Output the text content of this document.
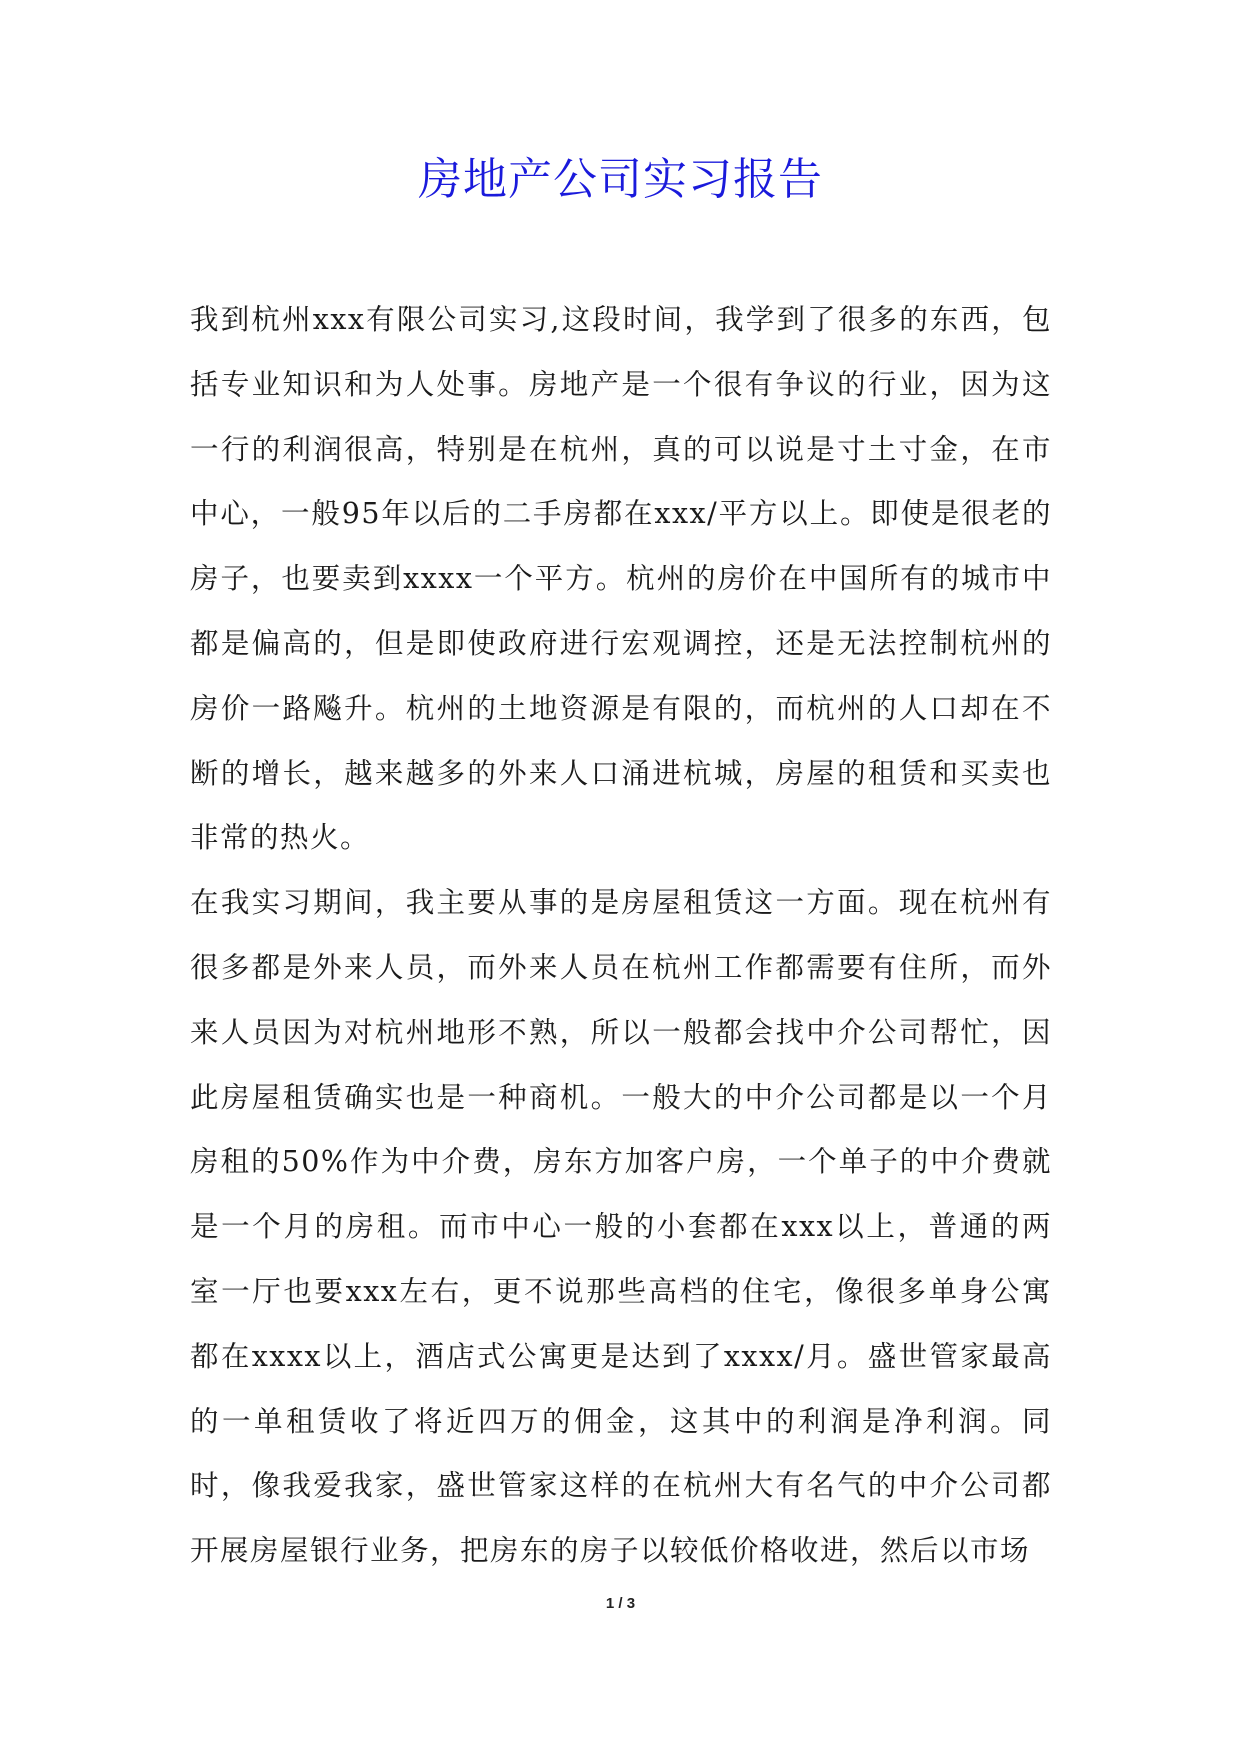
房地产公司实习报告

我到杭州xxx有限公司实习,这段时间，我学到了很多的东西，包括专业知识和为人处事。房地产是一个很有争议的行业，因为这一行的利润很高，特别是在杭州，真的可以说是寸土寸金，在市中心，一般95年以后的二手房都在xxx/平方以上。即使是很老的房子，也要卖到xxxx一个平方。杭州的房价在中国所有的城市中都是偏高的，但是即使政府进行宏观调控，还是无法控制杭州的房价一路飚升。杭州的土地资源是有限的，而杭州的人口却在不断的增长，越来越多的外来人口涌进杭城，房屋的租赁和买卖也非常的热火。

在我实习期间，我主要从事的是房屋租赁这一方面。现在杭州有很多都是外来人员，而外来人员在杭州工作都需要有住所，而外来人员因为对杭州地形不熟，所以一般都会找中介公司帮忙，因此房屋租赁确实也是一种商机。一般大的中介公司都是以一个月房租的50%作为中介费，房东方加客户房，一个单子的中介费就是一个月的房租。而市中心一般的小套都在xxx以上，普通的两室一厅也要xxx左右，更不说那些高档的住宅，像很多单身公寓都在xxxx以上，酒店式公寓更是达到了xxxx/月。盛世管家最高的一单租赁收了将近四万的佣金，这其中的利润是净利润。同时，像我爱我家，盛世管家这样的在杭州大有名气的中介公司都开展房屋银行业务，把房东的房子以较低价格收进，然后以市场

1 / 3
